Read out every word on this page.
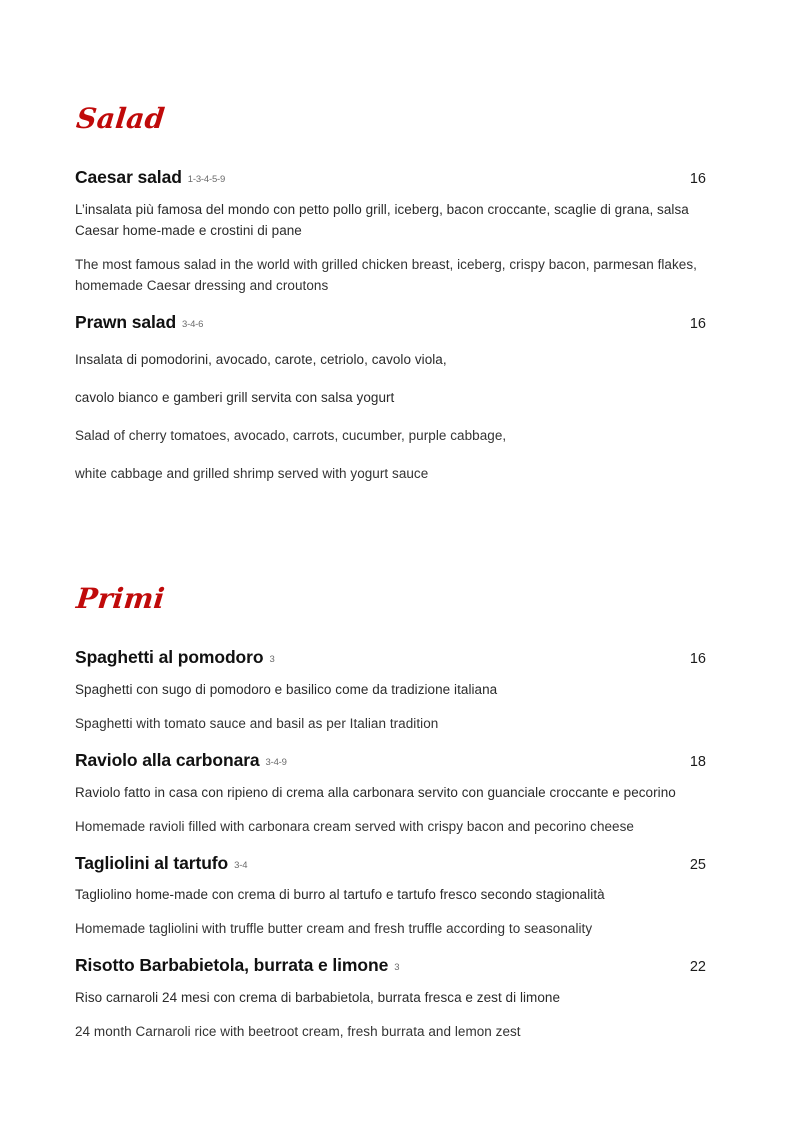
Salad
Caesar salad 1-3-4-5-9	16

L’insalata più famosa del mondo con petto pollo grill, iceberg, bacon croccante, scaglie di grana, salsa Caesar home-made e crostini di pane

The most famous salad in the world with grilled chicken breast, iceberg, crispy bacon, parmesan flakes, homemade Caesar dressing and croutons

Prawn salad 3-4-6	16

Insalata di pomodorini, avocado, carote, cetriolo, cavolo viola,

cavolo bianco e gamberi grill servita con salsa yogurt

Salad of cherry tomatoes, avocado, carrots, cucumber, purple cabbage,

white cabbage and grilled shrimp served with yogurt sauce

Primi
Spaghetti al pomodoro 3	16

Spaghetti con sugo di pomodoro e basilico come da tradizione italiana

Spaghetti with tomato sauce and basil as per Italian tradition

Raviolo alla carbonara 3-4-9	18

Raviolo fatto in casa con ripieno di crema alla carbonara servito con guanciale croccante e pecorino

Homemade ravioli filled with carbonara cream served with crispy bacon and pecorino cheese

Tagliolini al tartufo 3-4	25

Tagliolino home-made con crema di burro al tartufo e tartufo fresco secondo stagionalità

Homemade tagliolini with truffle butter cream and fresh truffle according to seasonality

Risotto Barbabietola, burrata e limone 3	22

Riso carnaroli 24 mesi con crema di barbabietola, burrata fresca e zest di limone

24 month Carnaroli rice with beetroot cream, fresh burrata and lemon zest
